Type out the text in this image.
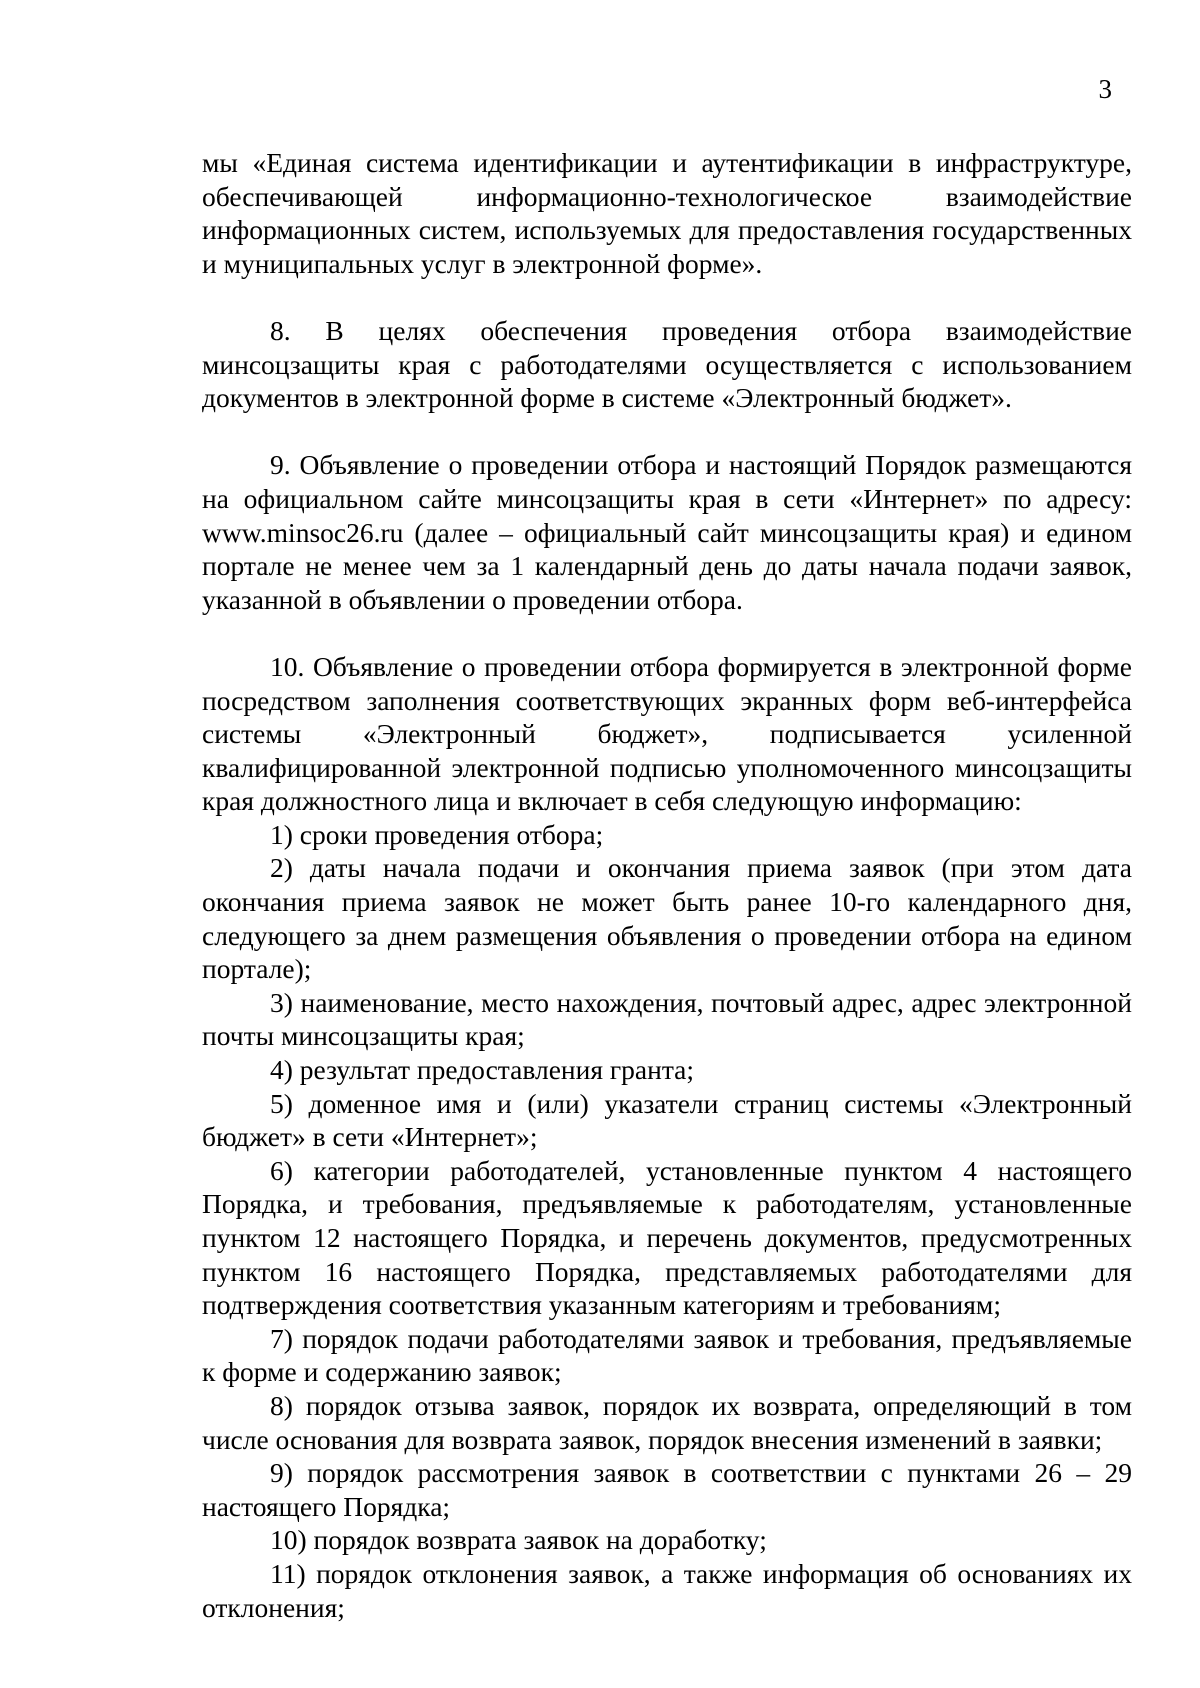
3

мы «Единая система идентификации и аутентификации в инфраструктуре, обеспечивающей информационно-технологическое взаимодействие информационных систем, используемых для предоставления государственных и муниципальных услуг в электронной форме».

8. В целях обеспечения проведения отбора взаимодействие минсоцзащиты края с работодателями осуществляется с использованием документов в электронной форме в системе «Электронный бюджет».

9. Объявление о проведении отбора и настоящий Порядок размещаются на официальном сайте минсоцзащиты края в сети «Интернет» по адресу: www.minsoc26.ru (далее – официальный сайт минсоцзащиты края) и едином портале не менее чем за 1 календарный день до даты начала подачи заявок, указанной в объявлении о проведении отбора.

10. Объявление о проведении отбора формируется в электронной форме посредством заполнения соответствующих экранных форм веб-интерфейса системы «Электронный бюджет», подписывается усиленной квалифицированной электронной подписью уполномоченного минсоцзащиты края должностного лица и включает в себя следующую информацию:

1) сроки проведения отбора;

2) даты начала подачи и окончания приема заявок (при этом дата окончания приема заявок не может быть ранее 10-го календарного дня, следующего за днем размещения объявления о проведении отбора на едином портале);

3) наименование, место нахождения, почтовый адрес, адрес электронной почты минсоцзащиты края;

4) результат предоставления гранта;

5) доменное имя и (или) указатели страниц системы «Электронный бюджет» в сети «Интернет»;

6) категории работодателей, установленные пунктом 4 настоящего Порядка, и требования, предъявляемые к работодателям, установленные пунктом 12 настоящего Порядка, и перечень документов, предусмотренных пунктом 16 настоящего Порядка, представляемых работодателями для подтверждения соответствия указанным категориям и требованиям;

7) порядок подачи работодателями заявок и требования, предъявляемые к форме и содержанию заявок;

8) порядок отзыва заявок, порядок их возврата, определяющий в том числе основания для возврата заявок, порядок внесения изменений в заявки;

9) порядок рассмотрения заявок в соответствии с пунктами 26 – 29 настоящего Порядка;

10) порядок возврата заявок на доработку;

11) порядок отклонения заявок, а также информация об основаниях их отклонения;
